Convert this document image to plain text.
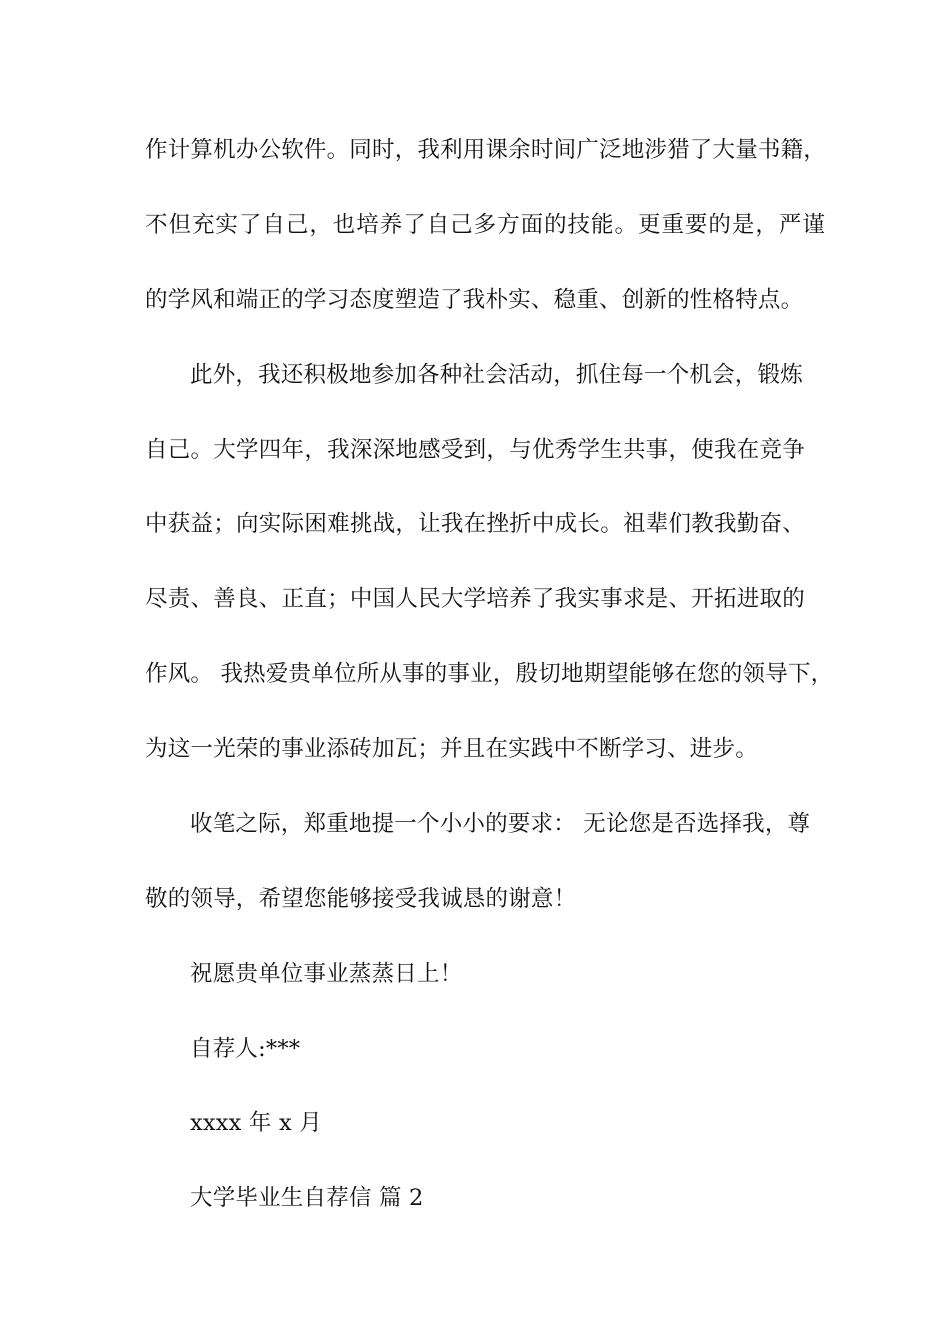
作计算机办公软件。同时，我利用课余时间广泛地涉猎了大量书籍，
不但充实了自己，也培养了自己多方面的技能。更重要的是，严谨
的学风和端正的学习态度塑造了我朴实、稳重、创新的性格特点。
此外，我还积极地参加各种社会活动，抓住每一个机会，锻炼
自己。大学四年，我深深地感受到，与优秀学生共事，使我在竞争
中获益；向实际困难挑战，让我在挫折中成长。祖辈们教我勤奋、
尽责、善良、正直；中国人民大学培养了我实事求是、开拓进取的
作风。 我热爱贵单位所从事的事业，殷切地期望能够在您的领导下，
为这一光荣的事业添砖加瓦；并且在实践中不断学习、进步。
收笔之际，郑重地提一个小小的要求： 无论您是否选择我，尊
敬的领导，希望您能够接受我诚恳的谢意！
祝愿贵单位事业蒸蒸日上！
自荐人:***
xxxx 年 x 月
大学毕业生自荐信 篇 2
